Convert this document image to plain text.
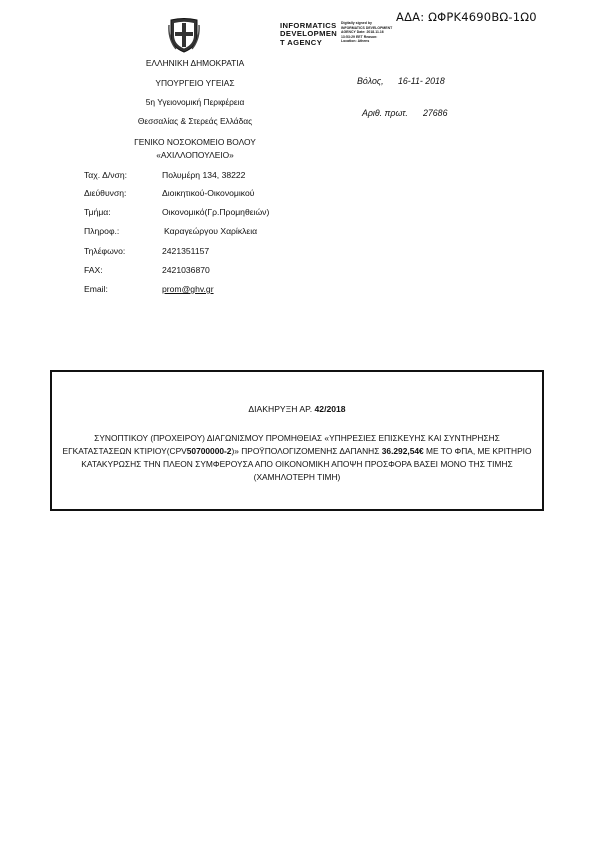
ΑΔΑ: ΩΦΡΚ4690ΒΩ-1Ω0
INFORMATICS
DEVELOPMEN
T AGENCY
Digitally signed by INFORMATICS DEVELOPMENT AGENCY Date: 2018.11.16 13:53:29 EET Reason: Location: Athens
ΕΛΛΗΝΙΚΗ ΔΗΜΟΚΡΑΤΙΑ
ΥΠΟΥΡΓΕΙΟ ΥΓΕΙΑΣ
5η Υγειονομική Περιφέρεια
Θεσσαλίας & Στερεάς Ελλάδας
ΓΕΝΙΚΟ ΝΟΣΟΚΟΜΕΙΟ ΒΟΛΟΥ
«ΑΧΙΛΛΟΠΟΥΛΕΙΟ»
Βόλος, 16-11- 2018
Αριθ. πρωτ. 27686
Ταχ. Δ/νση:	Πολυμέρη 134, 38222
Διεύθυνση:	Διοικητικού-Οικονομικού
Τμήμα:	Οικονομικό(Γρ.Προμηθειών)
Πληροφ.:	Καραγεώργου Χαρίκλεια
Τηλέφωνο:	2421351157
FAX:	2421036870
Email:	prom@ghv.gr
ΔΙΑΚΗΡΥΞΗ ΑΡ. 42/2018
ΣΥΝΟΠΤΙΚΟΥ (ΠΡΟΧΕΙΡΟΥ) ΔΙΑΓΩΝΙΣΜΟΥ ΠΡΟΜΗΘΕΙΑΣ «ΥΠΗΡΕΣΙΕΣ ΕΠΙΣΚΕΥΗΣ ΚΑΙ ΣΥΝΤΗΡΗΣΗΣ ΕΓΚΑΤΑΣΤΑΣΕΩΝ ΚΤΙΡΙΟΥ(CPV50700000-2)» ΠΡΟΫΠΟΛΟΓΙΖΟΜΕΝΗΣ ΔΑΠΑΝΗΣ 36.292,54€ ΜΕ ΤΟ ΦΠΑ, ΜΕ ΚΡΙΤΗΡΙΟ ΚΑΤΑΚΥΡΩΣΗΣ ΤΗΝ ΠΛΕΟΝ ΣΥΜΦΕΡΟΥΣΑ ΑΠΟ ΟΙΚΟΝΟΜΙΚΗ ΑΠΟΨΗ ΠΡΟΣΦΟΡΑ ΒΑΣΕΙ ΜΟΝΟ ΤΗΣ ΤΙΜΗΣ (ΧΑΜΗΛΟΤΕΡΗ ΤΙΜΗ)
